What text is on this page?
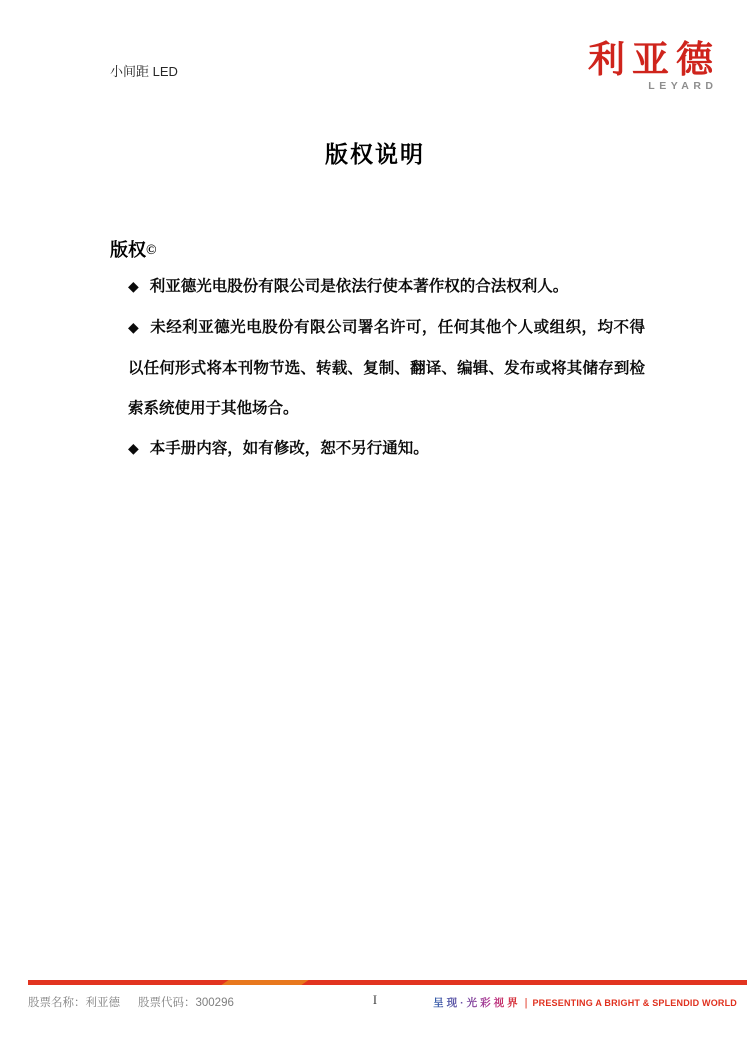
小间距 LED	利亚德
LEYARD
版权说明
版权©

◆ 利亚德光电股份有限公司是依法行使本著作权的合法权利人。

◆ 未经利亚德光电股份有限公司署名许可，任何其他个人或组织，均不得以任何形式将本刊物节选、转载、复制、翻译、编辑、发布或将其储存到检索系统使用于其他场合。

◆ 本手册内容，如有修改，恕不另行通知。

股票名称：利亚德 股票代码：300296	I	呈现·光彩视界 | PRESENTING A BRIGHT & SPLENDID WORLD
